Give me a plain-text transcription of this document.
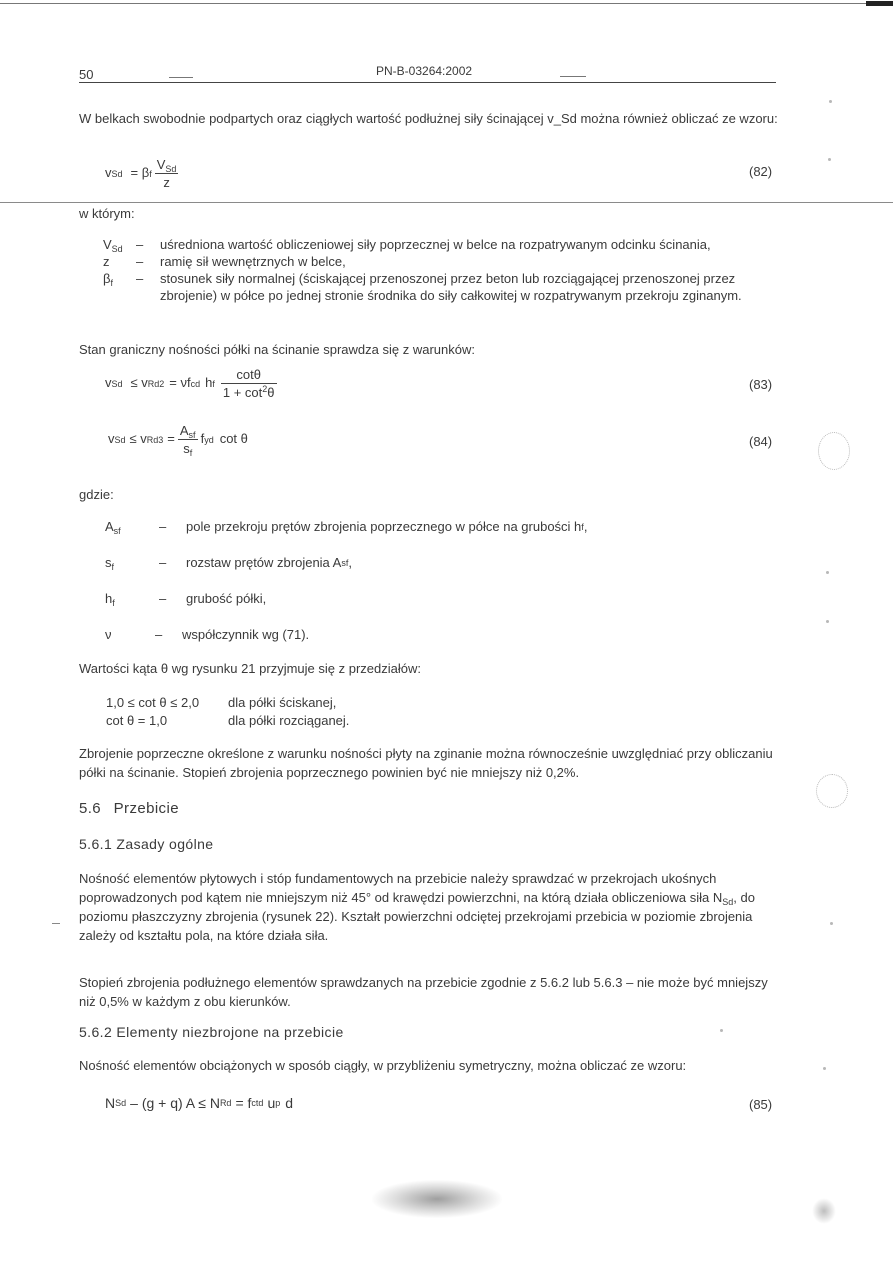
50	PN-B-03264:2002

W belkach swobodnie podpartych oraz ciągłych wartość podłużnej siły ścinającej v_Sd można również obliczać ze wzoru:

v Sd = β f $\frac{V_{Sd}}{z}$	(82)
w którym:
$V_{Sd}$	–	uśredniona wartość obliczeniowej siły poprzecznej w belce na rozpatrywanym odcinku ścinania,
z	–	ramię sił wewnętrznych w belce,
$\beta_f$	–	stosunek siły normalnej (ściskającej przenoszonej przez beton lub rozciągającej przenoszonej przez zbrojenie) w półce po jednej stronie środnika do siły całkowitej w rozpatrywanym przekroju zginanym.

Stan graniczny nośności półki na ścinanie sprawdza się z warunków:

v Sd ≤ v Rd2 = νf cd h f $\frac{\cot\theta}{1 + \cot^2\theta}$	(83)
v Sd ≤ v $Rd3 = \frac{A_{sf}}{s_f}$ f yd cot θ	(84)
gdzie:
$A_{sf}$	–	pole przekroju prętów zbrojenia poprzecznego w półce na grubości h f ,
$s_f$	–	rozstaw prętów zbrojenia A sf ,
$h_f$	–	grubość półki,
ν	–	współczynnik wg (71).

Wartości kąta θ wg rysunku 21 przyjmuje się z przedziałów:

1,0 ≤ cot θ ≤ 2,0	dla półki ściskanej,
cot θ = 1,0	dla półki rozciąganej.

Zbrojenie poprzeczne określone z warunku nośności płyty na zginanie można równocześnie uwzględniać przy obliczaniu półki na ścinanie. Stopień zbrojenia poprzecznego powinien być nie mniejszy niż 0,2%.

5.6 Przebicie
5.6.1 Zasady ogólne

Nośność elementów płytowych i stóp fundamentowych na przebicie należy sprawdzać w przekrojach ukośnych poprowadzonych pod kątem nie mniejszym niż 45° od krawędzi powierzchni, na którą działa obliczeniowa siła $N_{Sd}$, do poziomu płaszczyzny zbrojenia (rysunek 22). Kształt powierzchni odciętej przekrojami przebicia w poziomie zbrojenia zależy od kształtu pola, na które działa siła.

Stopień zbrojenia podłużnego elementów sprawdzanych na przebicie zgodnie z 5.6.2 lub 5.6.3 – nie może być mniejszy niż 0,5% w każdym z obu kierunków.

5.6.2 Elementy niezbrojone na przebicie

Nośność elementów obciążonych w sposób ciągły, w przybliżeniu symetryczny, można obliczać ze wzoru:

N Sd – (g + q) A ≤ N Rd = f ctd u p d	(85)
